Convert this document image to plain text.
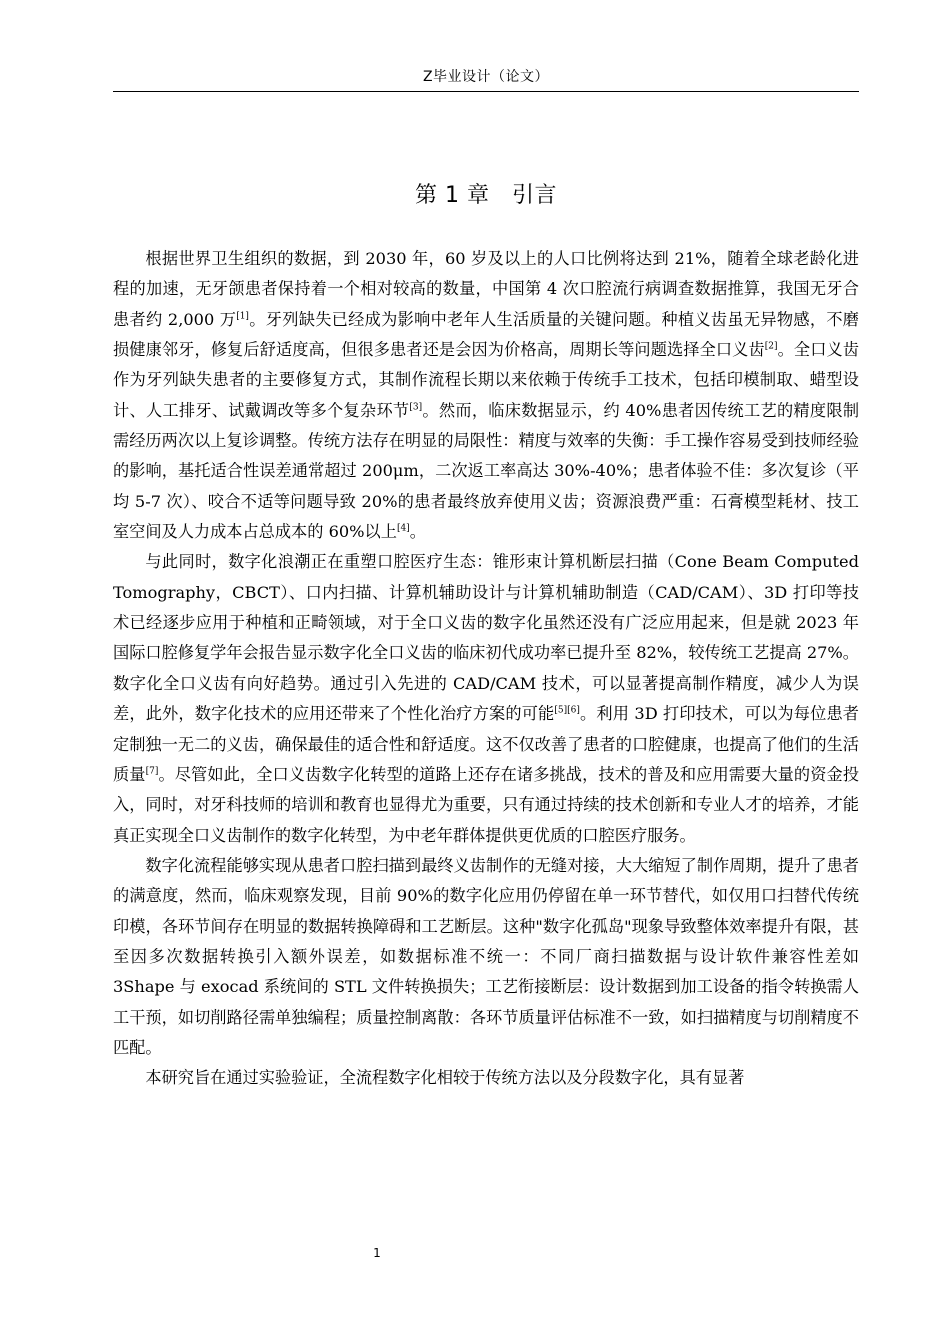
Z毕业设计（论文）
第 1 章　引言

根据世界卫生组织的数据，到 2030 年，60 岁及以上的人口比例将达到 21%，随着全球老龄化进程的加速，无牙颌患者保持着一个相对较高的数量，中国第 4 次口腔流行病调查数据推算，我国无牙合患者约 2,000 万[1]。牙列缺失已经成为影响中老年人生活质量的关键问题。种植义齿虽无异物感，不磨损健康邻牙，修复后舒适度高，但很多患者还是会因为价格高，周期长等问题选择全口义齿[2]。全口义齿作为牙列缺失患者的主要修复方式，其制作流程长期以来依赖于传统手工技术，包括印模制取、蜡型设计、人工排牙、试戴调改等多个复杂环节[3]。然而，临床数据显示，约 40%患者因传统工艺的精度限制需经历两次以上复诊调整。传统方法存在明显的局限性：精度与效率的失衡：手工操作容易受到技师经验的影响，基托适合性误差通常超过 200μm，二次返工率高达 30%-40%；患者体验不佳：多次复诊（平均 5-7 次）、咬合不适等问题导致 20%的患者最终放弃使用义齿；资源浪费严重：石膏模型耗材、技工室空间及人力成本占总成本的 60%以上[4]。

与此同时，数字化浪潮正在重塑口腔医疗生态：锥形束计算机断层扫描（Cone Beam Computed Tomography，CBCT）、口内扫描、计算机辅助设计与计算机辅助制造（CAD/CAM）、3D 打印等技术已经逐步应用于种植和正畸领域，对于全口义齿的数字化虽然还没有广泛应用起来，但是就 2023 年国际口腔修复学年会报告显示数字化全口义齿的临床初代成功率已提升至 82%，较传统工艺提高 27%。数字化全口义齿有向好趋势。通过引入先进的 CAD/CAM 技术，可以显著提高制作精度，减少人为误差，此外，数字化技术的应用还带来了个性化治疗方案的可能[5][6]。利用 3D 打印技术，可以为每位患者定制独一无二的义齿，确保最佳的适合性和舒适度。这不仅改善了患者的口腔健康，也提高了他们的生活质量[7]。尽管如此，全口义齿数字化转型的道路上还存在诸多挑战，技术的普及和应用需要大量的资金投入，同时，对牙科技师的培训和教育也显得尤为重要，只有通过持续的技术创新和专业人才的培养，才能真正实现全口义齿制作的数字化转型，为中老年群体提供更优质的口腔医疗服务。

数字化流程能够实现从患者口腔扫描到最终义齿制作的无缝对接，大大缩短了制作周期，提升了患者的满意度，然而，临床观察发现，目前 90%的数字化应用仍停留在单一环节替代，如仅用口扫替代传统印模，各环节间存在明显的数据转换障碍和工艺断层。这种"数字化孤岛"现象导致整体效率提升有限，甚至因多次数据转换引入额外误差，如数据标准不统一：不同厂商扫描数据与设计软件兼容性差如 3Shape 与 exocad 系统间的 STL 文件转换损失；工艺衔接断层：设计数据到加工设备的指令转换需人工干预，如切削路径需单独编程；质量控制离散：各环节质量评估标准不一致，如扫描精度与切削精度不匹配。

本研究旨在通过实验验证，全流程数字化相较于传统方法以及分段数字化，具有显著

1
